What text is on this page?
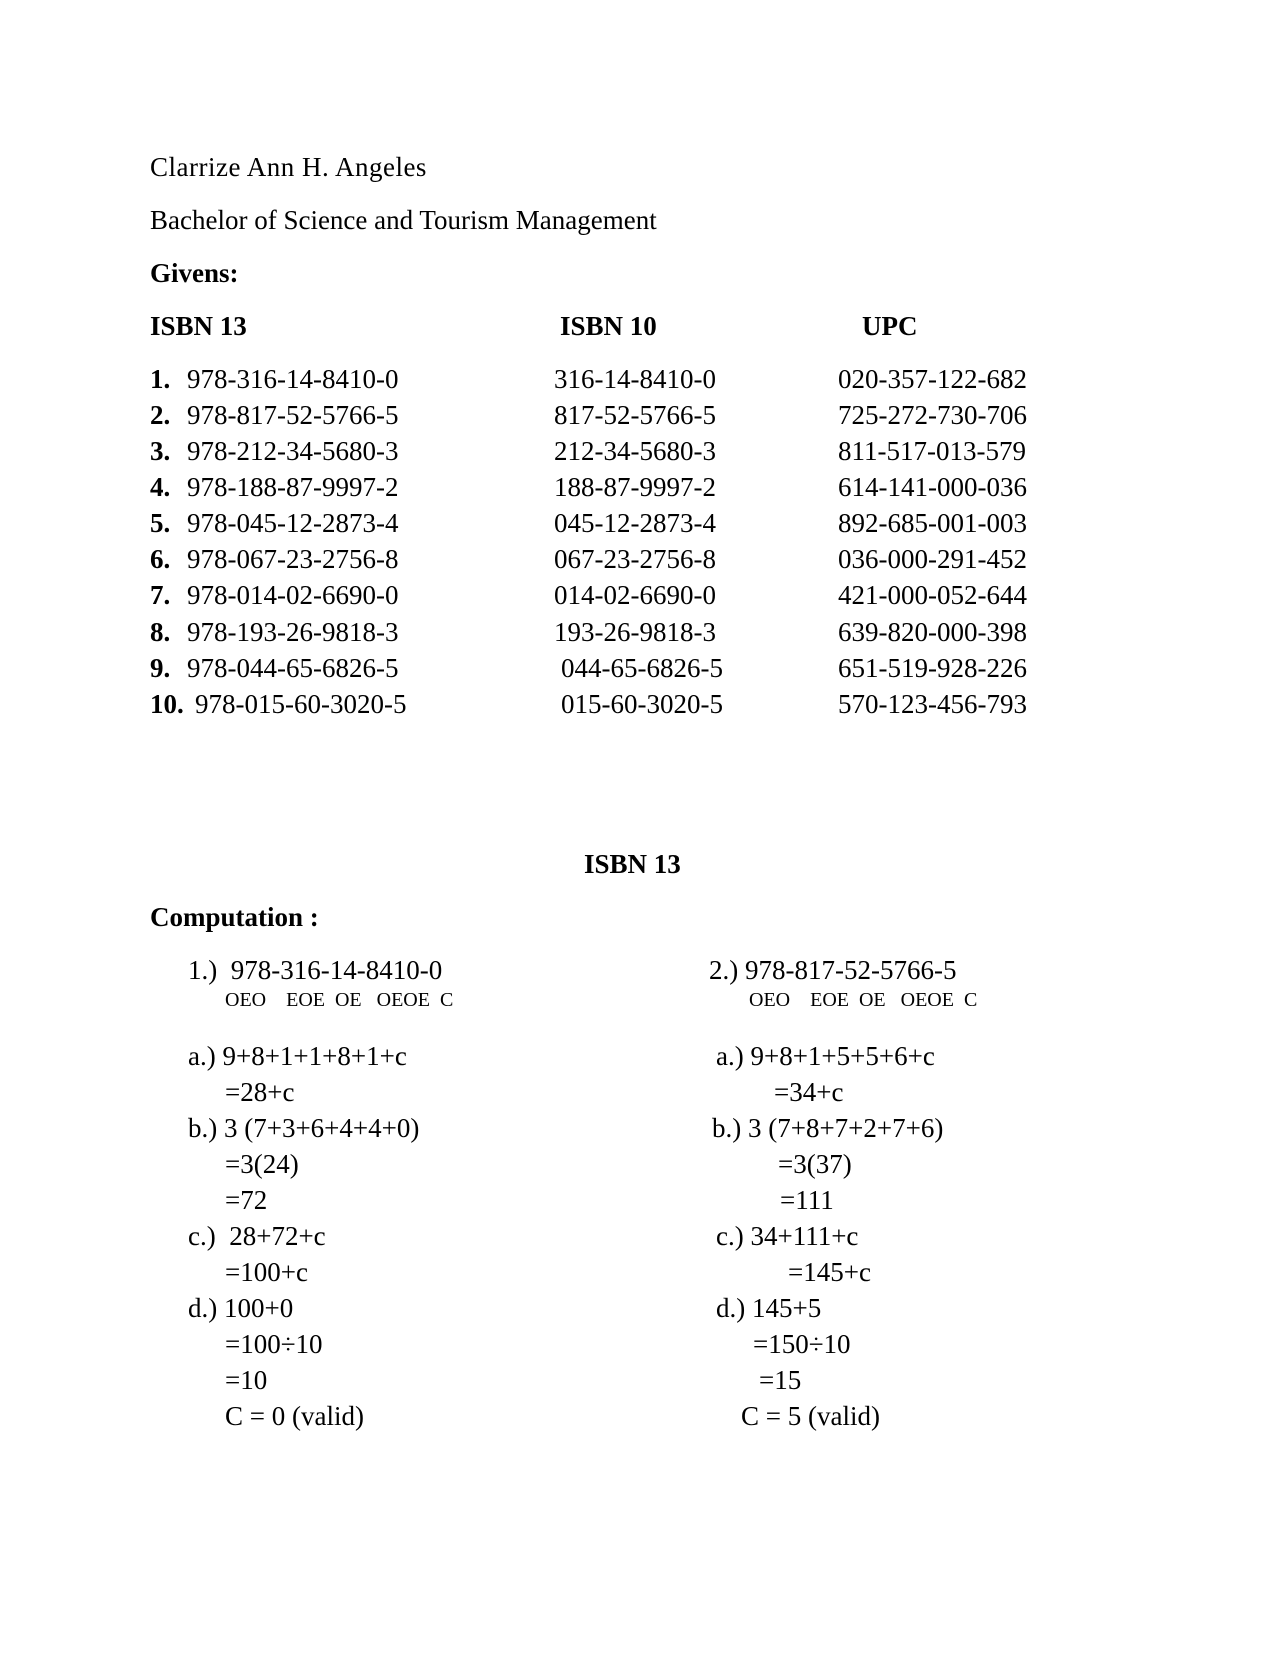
Clarrize Ann H. Angeles
Bachelor of Science and Tourism Management
Givens:
ISBN 13	ISBN 10	UPC
1. 978-316-14-8410-0	316-14-8410-0	020-357-122-682
2. 978-817-52-5766-5	817-52-5766-5	725-272-730-706
3. 978-212-34-5680-3	212-34-5680-3	811-517-013-579
4. 978-188-87-9997-2	188-87-9997-2	614-141-000-036
5. 978-045-12-2873-4	045-12-2873-4	892-685-001-003
6. 978-067-23-2756-8	067-23-2756-8	036-000-291-452
7. 978-014-02-6690-0	014-02-6690-0	421-000-052-644
8. 978-193-26-9818-3	193-26-9818-3	639-820-000-398
9. 978-044-65-6826-5	044-65-6826-5	651-519-928-226
10. 978-015-60-3020-5	015-60-3020-5	570-123-456-793
ISBN 13
Computation :
1.)  978-316-14-8410-0
OEO    EOE  OE   OEOE  C
a.) 9+8+1+1+8+1+c
=28+c
b.) 3 (7+3+6+4+4+0)
=3(24)
=72
c.)  28+72+c
=100+c
d.) 100+0
=100÷10
=10
C = 0 (valid)
2.) 978-817-52-5766-5
OEO    EOE  OE   OEOE  C
a.) 9+8+1+5+5+6+c
=34+c
b.) 3 (7+8+7+2+7+6)
=3(37)
=111
c.) 34+111+c
=145+c
d.) 145+5
=150÷10
=15
C = 5 (valid)
